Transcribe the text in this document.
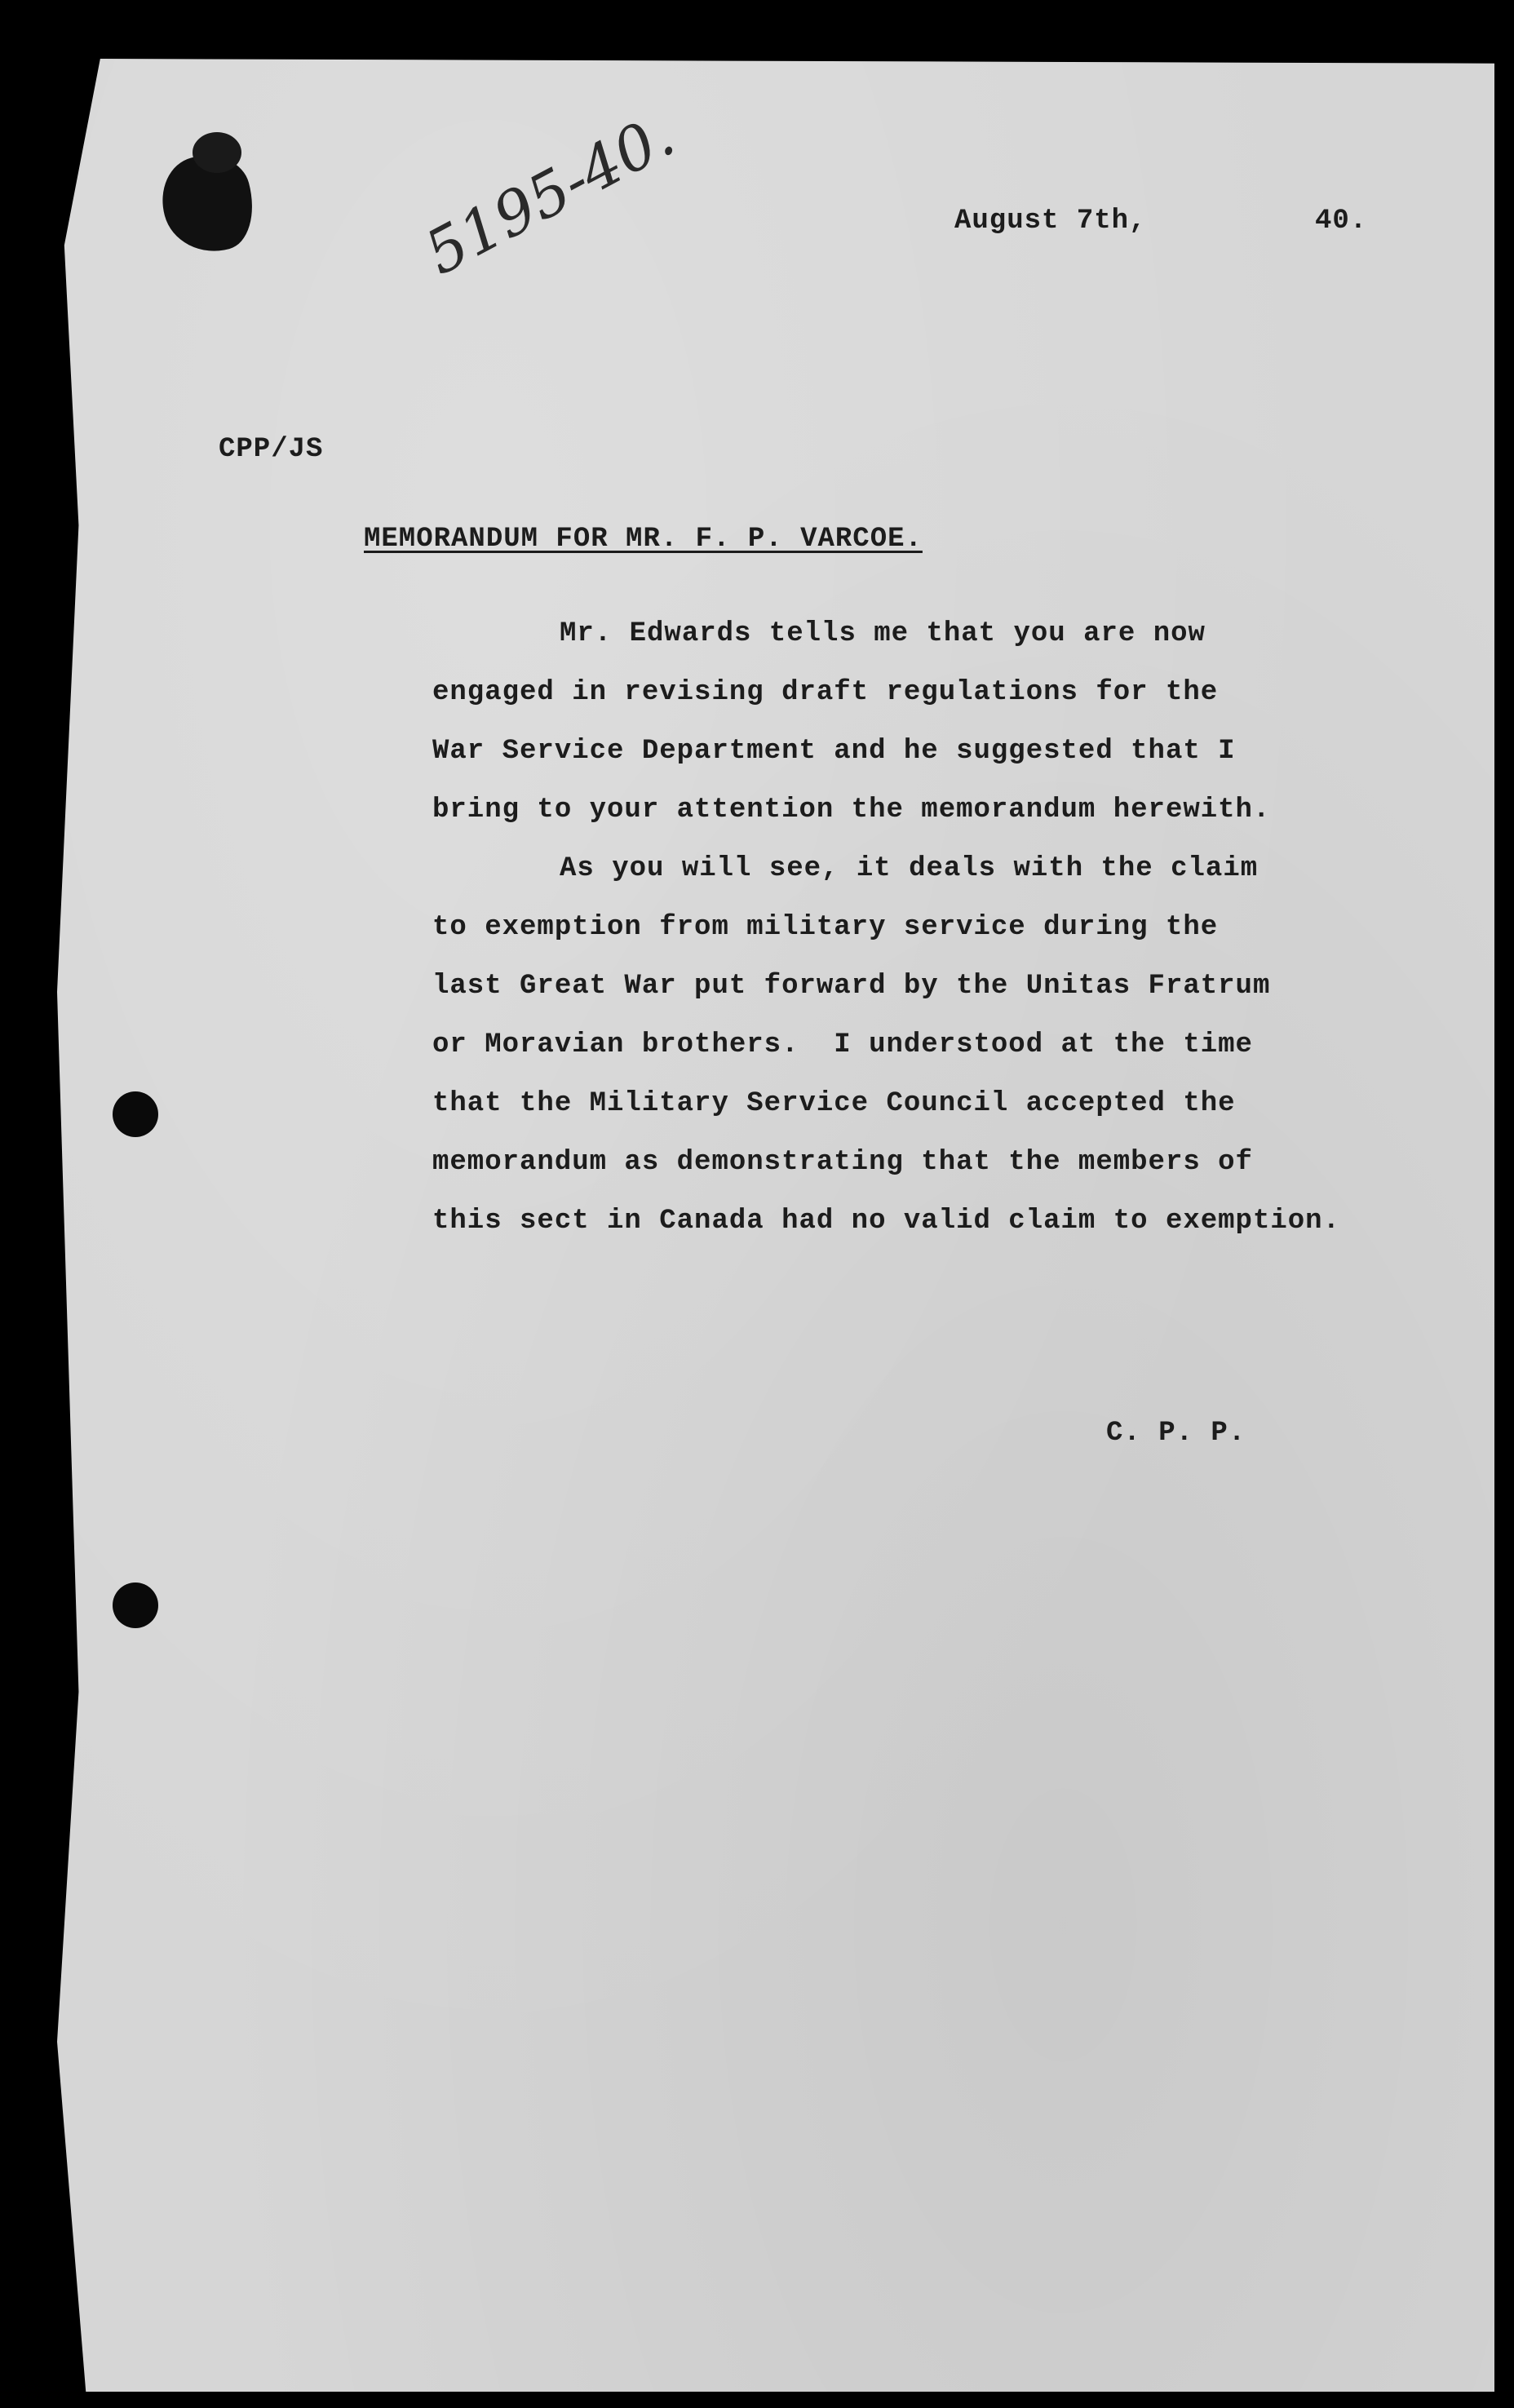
5195-40.	August 7th,	40.
CPP/JS
MEMORANDUM FOR MR. F. P. VARCOE.
Mr. Edwards tells me that you are now
engaged in revising draft regulations for the
War Service Department and he suggested that I
bring to your attention the memorandum herewith.
As you will see, it deals with the claim
to exemption from military service during the
last Great War put forward by the Unitas Fratrum
or Moravian brothers.  I understood at the time
that the Military Service Council accepted the
memorandum as demonstrating that the members of
this sect in Canada had no valid claim to exemption.
C. P. P.
